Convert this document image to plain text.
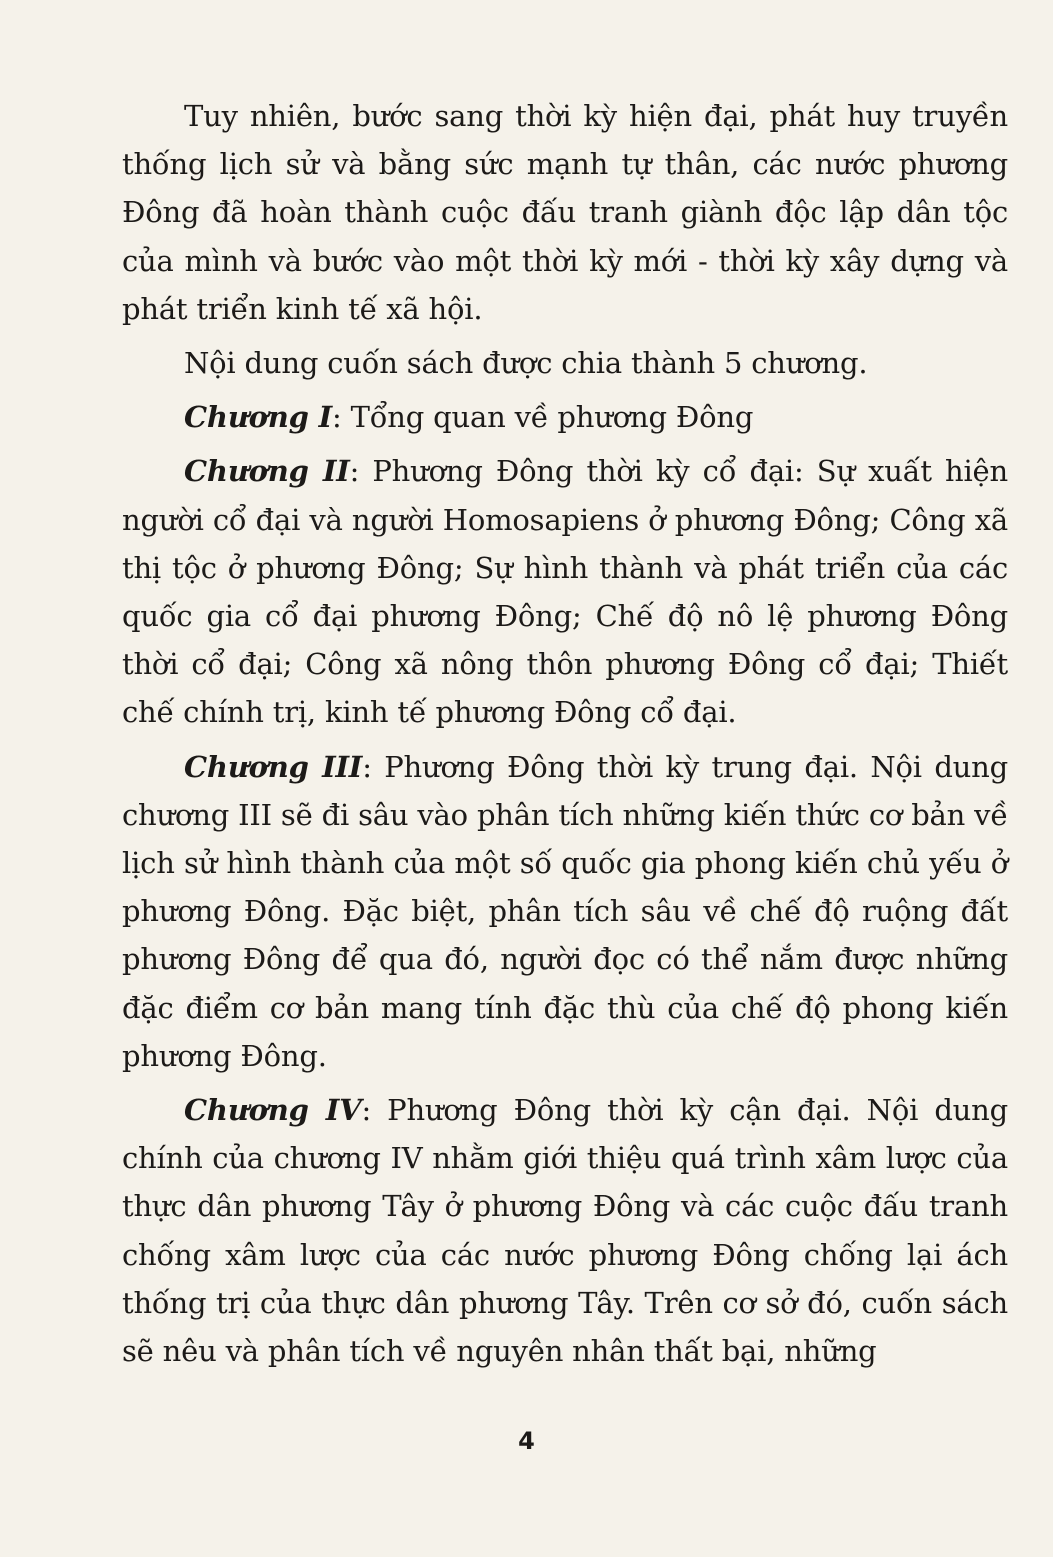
Tuy nhiên, bước sang thời kỳ hiện đại, phát huy truyền thống lịch sử và bằng sức mạnh tự thân, các nước phương Đông đã hoàn thành cuộc đấu tranh giành độc lập dân tộc của mình và bước vào một thời kỳ mới - thời kỳ xây dựng và phát triển kinh tế xã hội.

Nội dung cuốn sách được chia thành 5 chương.

Chương I: Tổng quan về phương Đông

Chương II: Phương Đông thời kỳ cổ đại: Sự xuất hiện người cổ đại và người Homosapiens ở phương Đông; Công xã thị tộc ở phương Đông; Sự hình thành và phát triển của các quốc gia cổ đại phương Đông; Chế độ nô lệ phương Đông thời cổ đại; Công xã nông thôn phương Đông cổ đại; Thiết chế chính trị, kinh tế phương Đông cổ đại.

Chương III: Phương Đông thời kỳ trung đại. Nội dung chương III sẽ đi sâu vào phân tích những kiến thức cơ bản về lịch sử hình thành của một số quốc gia phong kiến chủ yếu ở phương Đông. Đặc biệt, phân tích sâu về chế độ ruộng đất phương Đông để qua đó, người đọc có thể nắm được những đặc điểm cơ bản mang tính đặc thù của chế độ phong kiến phương Đông.

Chương IV: Phương Đông thời kỳ cận đại. Nội dung chính của chương IV nhằm giới thiệu quá trình xâm lược của thực dân phương Tây ở phương Đông và các cuộc đấu tranh chống xâm lược của các nước phương Đông chống lại ách thống trị của thực dân phương Tây. Trên cơ sở đó, cuốn sách sẽ nêu và phân tích về nguyên nhân thất bại, những

4
